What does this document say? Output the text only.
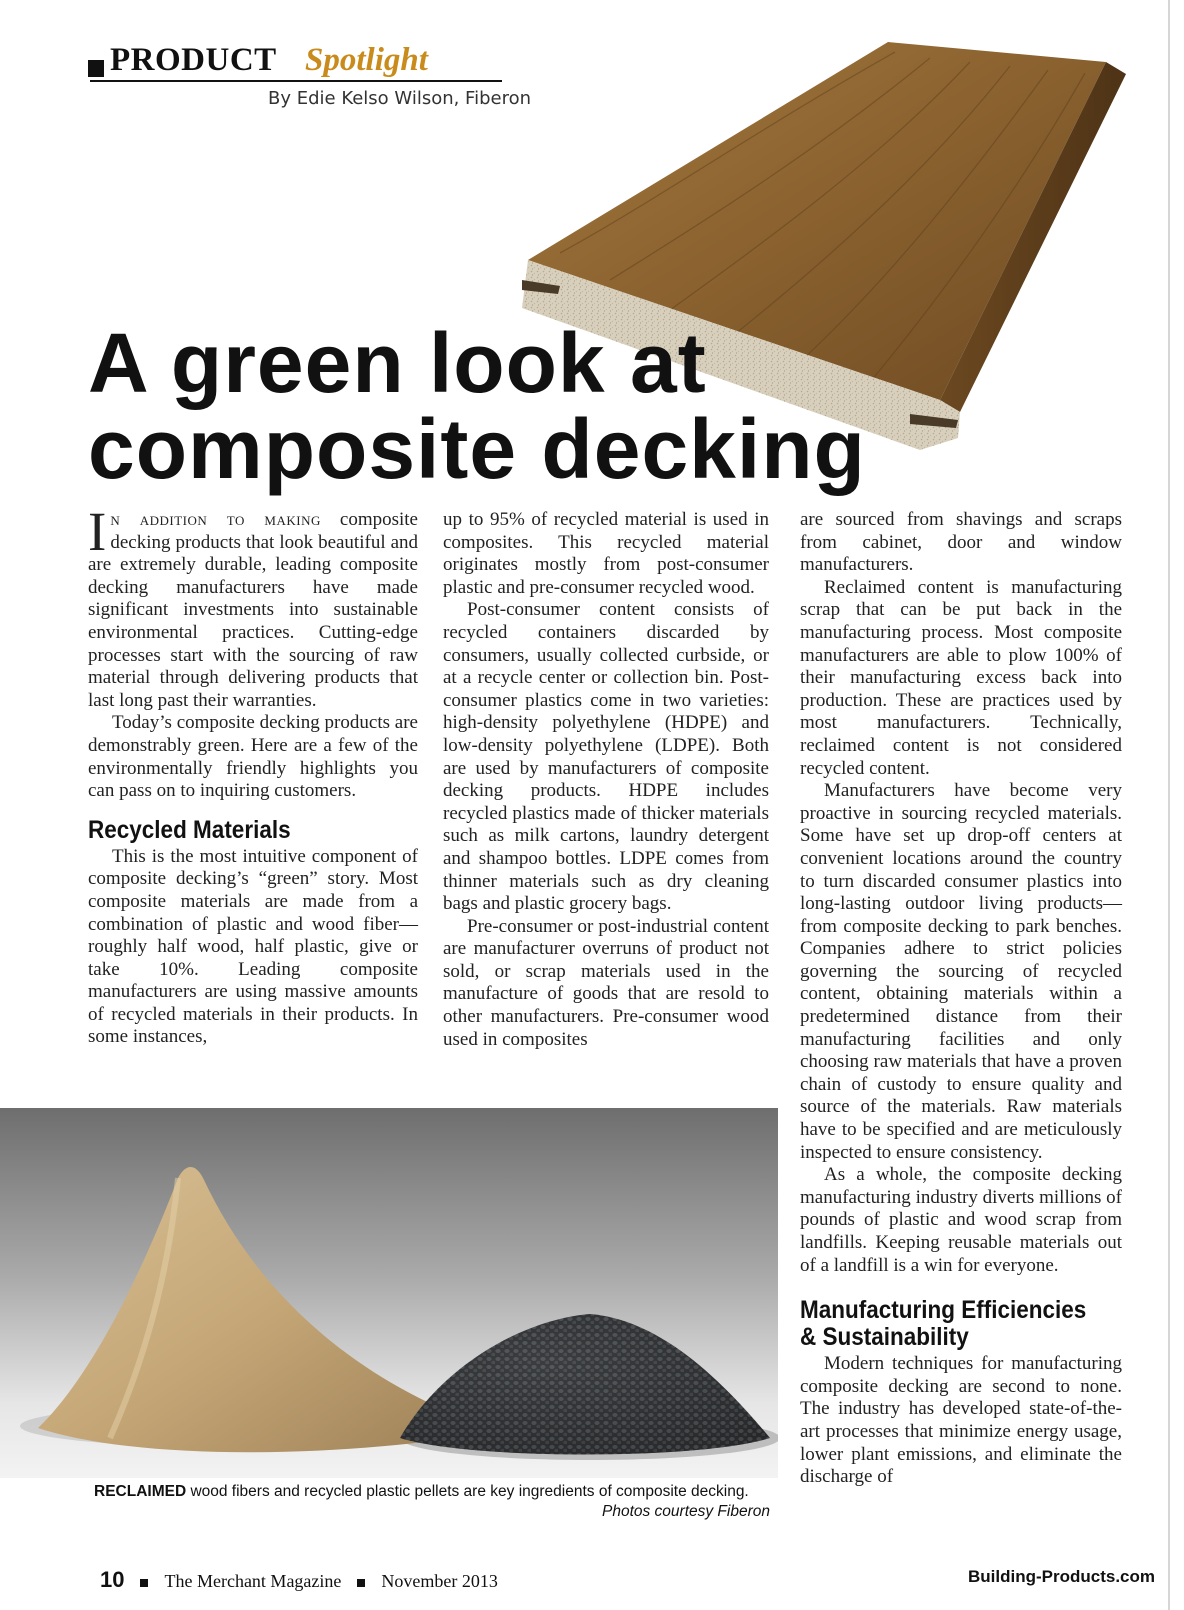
PRODUCT Spotlight
By Edie Kelso Wilson, Fiberon
A green look at
composite decking

In addition to making composite decking products that look beautiful and are extremely durable, leading composite decking manufacturers have made significant investments into sustainable environmental practices. Cutting-edge processes start with the sourcing of raw material through delivering products that last long past their warranties.

Today’s composite decking products are demonstrably green. Here are a few of the environmentally friendly highlights you can pass on to inquiring customers.

Recycled Materials

This is the most intuitive component of composite decking’s “green” story. Most composite materials are made from a combination of plastic and wood fiber—roughly half wood, half plastic, give or take 10%. Leading composite manufacturers are using massive amounts of recycled materials in their products. In some instances,

up to 95% of recycled material is used in composites. This recycled material originates mostly from post-consumer plastic and pre-consumer recycled wood.

Post-consumer content consists of recycled containers discarded by consumers, usually collected curbside, or at a recycle center or collection bin. Post-consumer plastics come in two varieties: high-density polyethylene (HDPE) and low-density polyethylene (LDPE). Both are used by manufacturers of composite decking products. HDPE includes recycled plastics made of thicker materials such as milk cartons, laundry detergent and shampoo bottles. LDPE comes from thinner materials such as dry cleaning bags and plastic grocery bags.

Pre-consumer or post-industrial content are manufacturer overruns of product not sold, or scrap materials used in the manufacture of goods that are resold to other manufacturers. Pre-consumer wood used in composites

are sourced from shavings and scraps from cabinet, door and window manufacturers.

Reclaimed content is manufacturing scrap that can be put back in the manufacturing process. Most composite manufacturers are able to plow 100% of their manufacturing excess back into production. These are practices used by most manufacturers. Technically, reclaimed content is not considered recycled content.

Manufacturers have become very proactive in sourcing recycled materials. Some have set up drop-off centers at convenient locations around the country to turn discarded consumer plastics into long-lasting outdoor living products—from composite decking to park benches. Companies adhere to strict policies governing the sourcing of recycled content, obtaining materials within a predetermined distance from their manufacturing facilities and only choosing raw materials that have a proven chain of custody to ensure quality and source of the materials. Raw materials have to be specified and are meticulously inspected to ensure consistency.

As a whole, the composite decking manufacturing industry diverts millions of pounds of plastic and wood scrap from landfills. Keeping reusable materials out of a landfill is a win for everyone.

Manufacturing Efficiencies
& Sustainability

Modern techniques for manufacturing composite decking are second to none. The industry has developed state-of-the-art processes that minimize energy usage, lower plant emissions, and eliminate the discharge of

RECLAIMED wood fibers and recycled plastic pellets are key ingredients of composite decking.
Photos courtesy Fiberon
10 The Merchant Magazine November 2013	Building-Products.com
